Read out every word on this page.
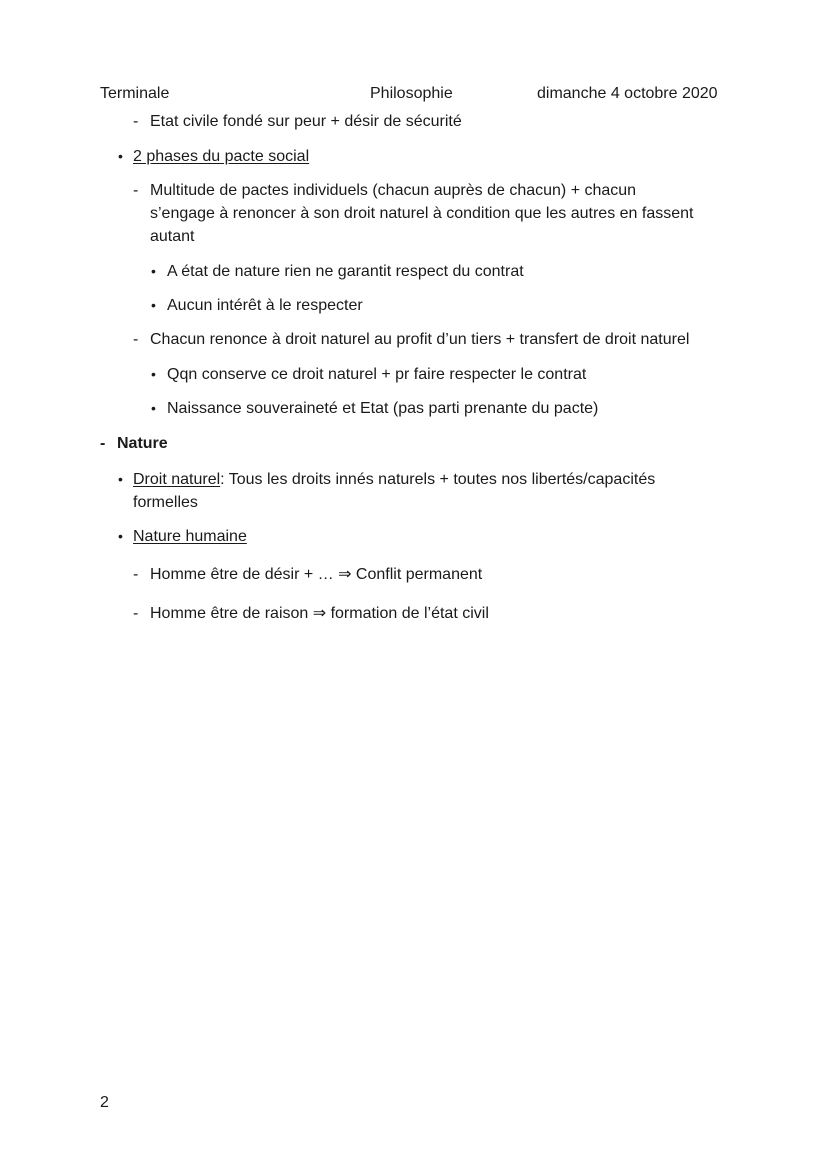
Terminale	Philosophie	dimanche 4 octobre 2020
- Etat civile fondé sur peur + désir de sécurité
• 2 phases du pacte social
- Multitude de pactes individuels (chacun auprès de chacun) + chacun
s’engage à renoncer à son droit naturel à condition que les autres en fassent
autant
• A état de nature rien ne garantit respect du contrat
• Aucun intérêt à le respecter
- Chacun renonce à droit naturel au profit d’un tiers + transfert de droit naturel
• Qqn conserve ce droit naturel + pr faire respecter le contrat
• Naissance souveraineté et Etat (pas parti prenante du pacte)
- Nature
• Droit naturel: Tous les droits innés naturels + toutes nos libertés/capacités
formelles
• Nature humaine
- Homme être de désir + … ⇒ Conflit permanent
- Homme être de raison ⇒ formation de l’état civil
2
